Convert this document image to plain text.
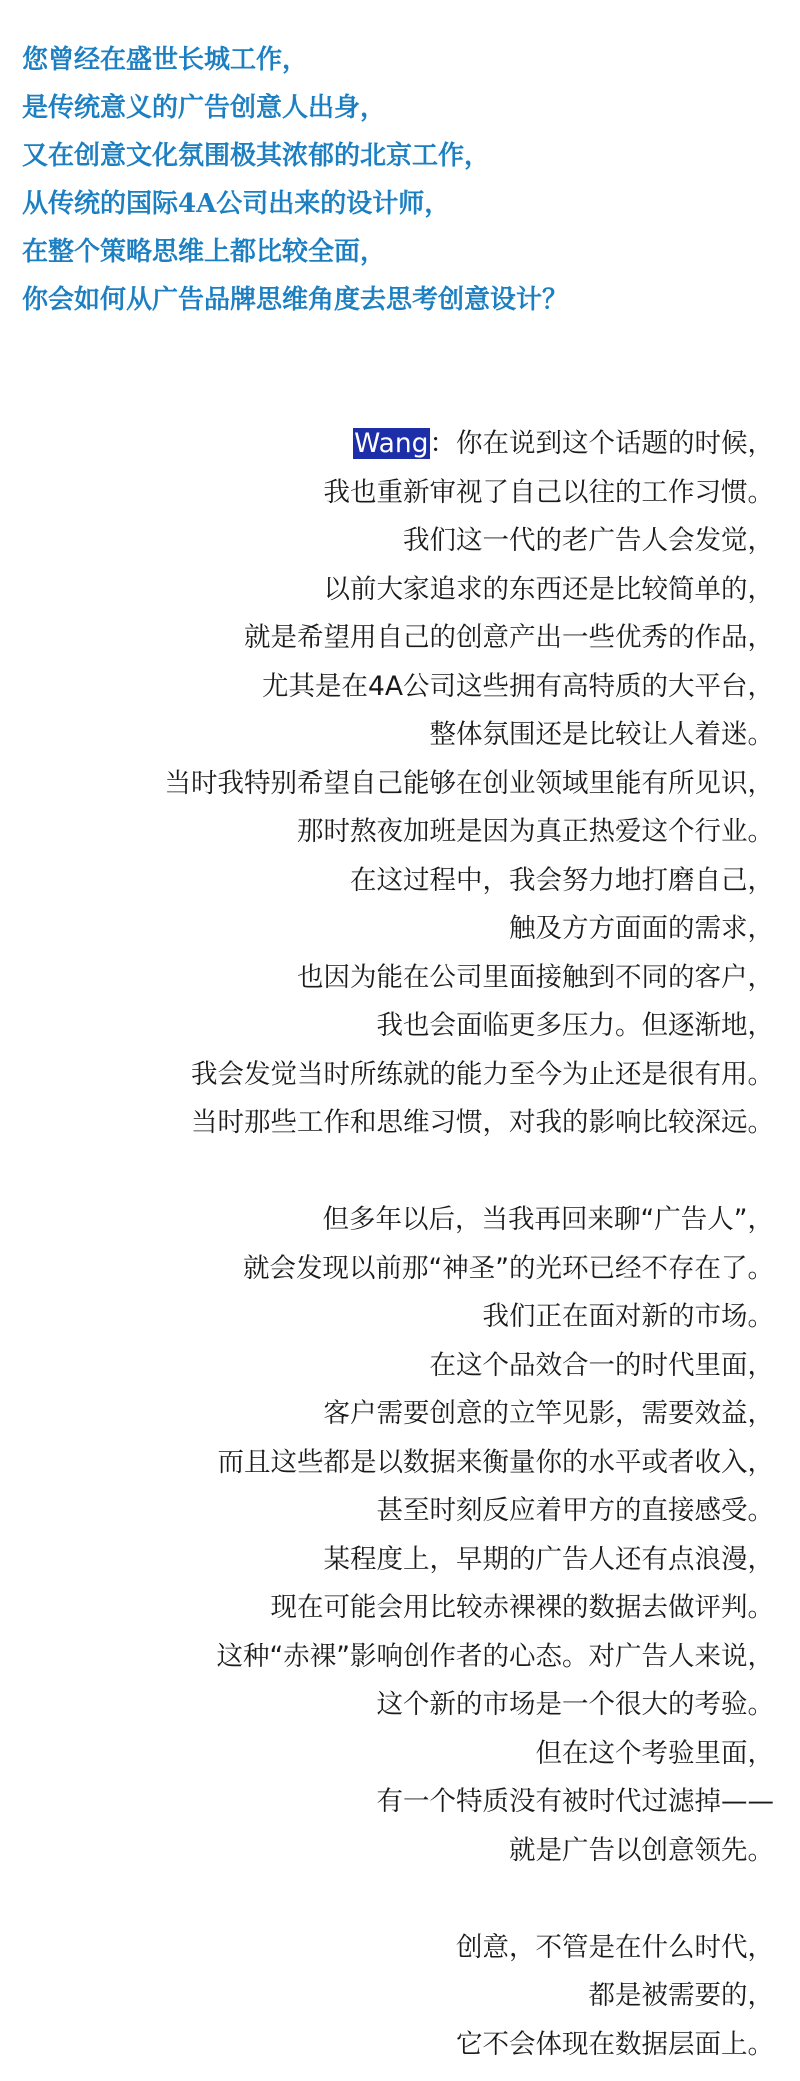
您曾经在盛世长城工作，
是传统意义的广告创意人出身，
又在创意文化氛围极其浓郁的北京工作，
从传统的国际4A公司出来的设计师，
在整个策略思维上都比较全面，
你会如何从广告品牌思维角度去思考创意设计？
Wang：你在说到这个话题的时候，
我也重新审视了自己以往的工作习惯。
我们这一代的老广告人会发觉，
以前大家追求的东西还是比较简单的，
就是希望用自己的创意产出一些优秀的作品，
尤其是在4A公司这些拥有高特质的大平台，
整体氛围还是比较让人着迷。
当时我特别希望自己能够在创业领域里能有所见识，
那时熬夜加班是因为真正热爱这个行业。
在这过程中，我会努力地打磨自己，
触及方方面面的需求，
也因为能在公司里面接触到不同的客户，
我也会面临更多压力。但逐渐地，
我会发觉当时所练就的能力至今为止还是很有用。
当时那些工作和思维习惯，对我的影响比较深远。
但多年以后，当我再回来聊“广告人”，
就会发现以前那“神圣”的光环已经不存在了。
我们正在面对新的市场。
在这个品效合一的时代里面，
客户需要创意的立竿见影，需要效益，
而且这些都是以数据来衡量你的水平或者收入，
甚至时刻反应着甲方的直接感受。
某程度上，早期的广告人还有点浪漫，
现在可能会用比较赤裸裸的数据去做评判。
这种“赤裸”影响创作者的心态。对广告人来说，
这个新的市场是一个很大的考验。
但在这个考验里面，
有一个特质没有被时代过滤掉——
就是广告以创意领先。
创意，不管是在什么时代，
都是被需要的，
它不会体现在数据层面上。
